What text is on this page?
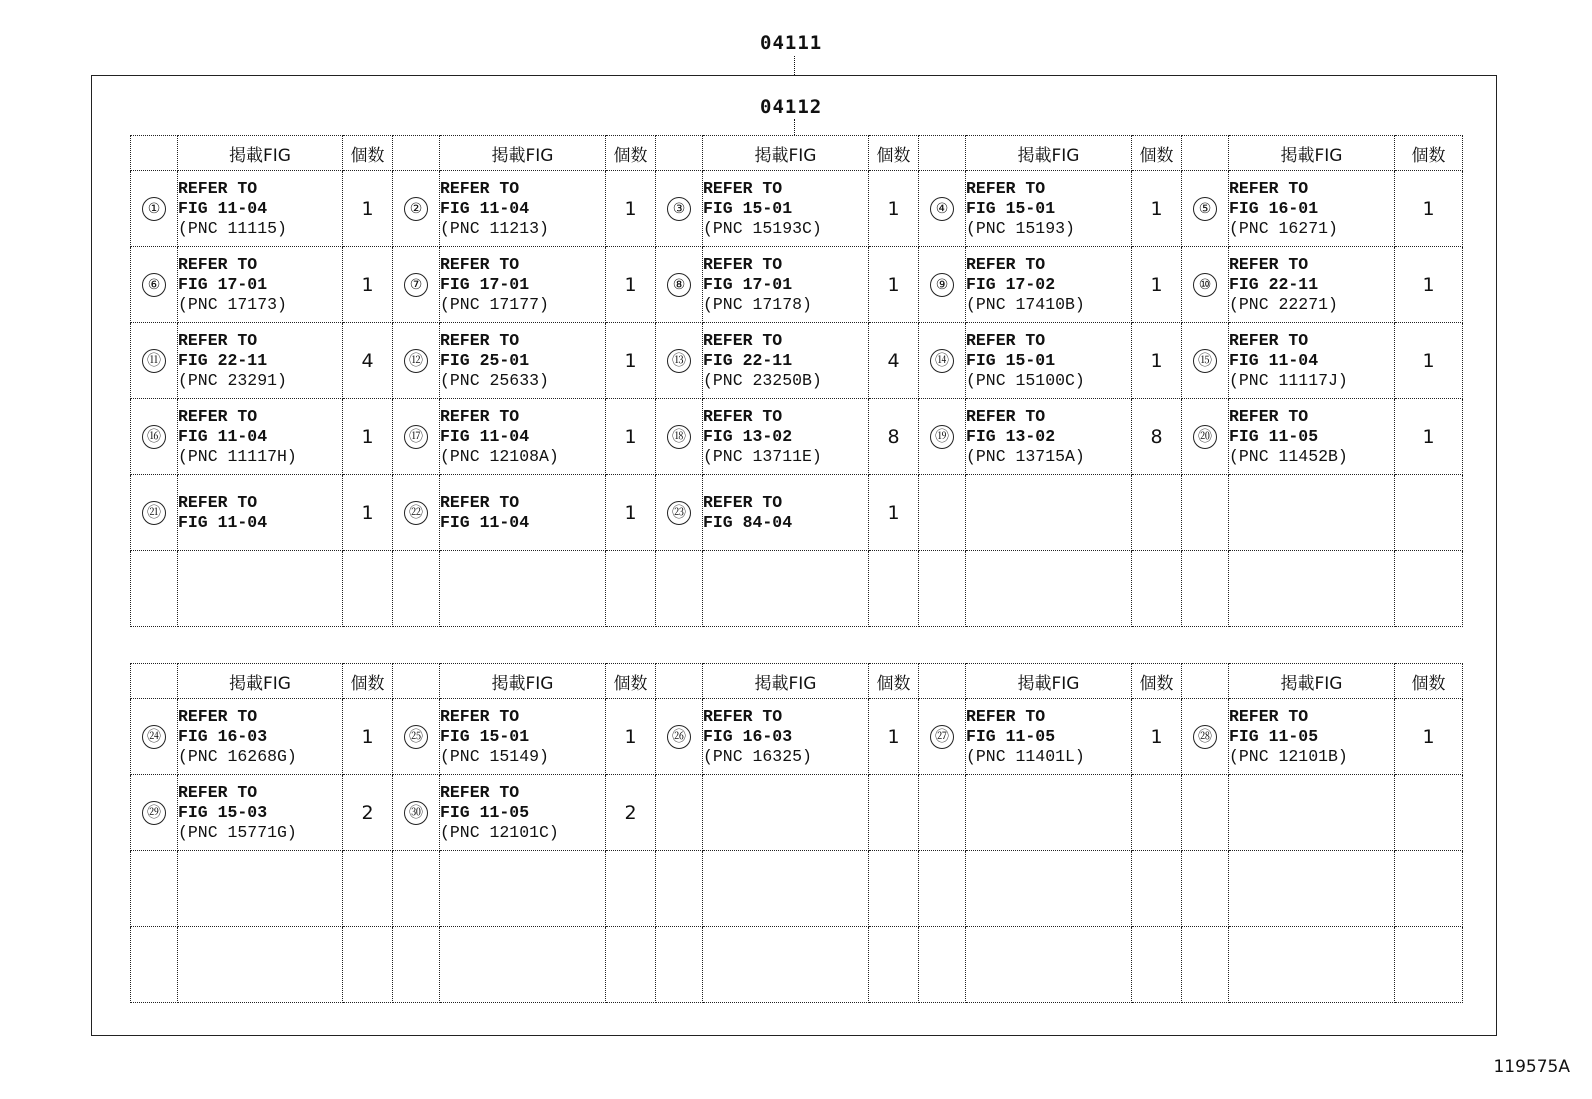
04111
04112
	掲載FIG	個数		掲載FIG	個数		掲載FIG	個数		掲載FIG	個数		掲載FIG	個数
①	REFER TO
FIG 11-04
(PNC 11115)	1	②	REFER TO
FIG 11-04
(PNC 11213)	1	③	REFER TO
FIG 15-01
(PNC 15193C)	1	④	REFER TO
FIG 15-01
(PNC 15193)	1	⑤	REFER TO
FIG 16-01
(PNC 16271)	1
⑥	REFER TO
FIG 17-01
(PNC 17173)	1	⑦	REFER TO
FIG 17-01
(PNC 17177)	1	⑧	REFER TO
FIG 17-01
(PNC 17178)	1	⑨	REFER TO
FIG 17-02
(PNC 17410B)	1	⑩	REFER TO
FIG 22-11
(PNC 22271)	1
⑪	REFER TO
FIG 22-11
(PNC 23291)	4	⑫	REFER TO
FIG 25-01
(PNC 25633)	1	⑬	REFER TO
FIG 22-11
(PNC 23250B)	4	⑭	REFER TO
FIG 15-01
(PNC 15100C)	1	⑮	REFER TO
FIG 11-04
(PNC 11117J)	1
⑯	REFER TO
FIG 11-04
(PNC 11117H)	1	⑰	REFER TO
FIG 11-04
(PNC 12108A)	1	⑱	REFER TO
FIG 13-02
(PNC 13711E)	8	⑲	REFER TO
FIG 13-02
(PNC 13715A)	8	⑳	REFER TO
FIG 11-05
(PNC 11452B)	1
㉑	REFER TO
FIG 11-04	1	㉒	REFER TO
FIG 11-04	1	㉓	REFER TO
FIG 84-04	1						

	掲載FIG	個数		掲載FIG	個数		掲載FIG	個数		掲載FIG	個数		掲載FIG	個数
㉔	REFER TO
FIG 16-03
(PNC 16268G)	1	㉕	REFER TO
FIG 15-01
(PNC 15149)	1	㉖	REFER TO
FIG 16-03
(PNC 16325)	1	㉗	REFER TO
FIG 11-05
(PNC 11401L)	1	㉘	REFER TO
FIG 11-05
(PNC 12101B)	1
㉙	REFER TO
FIG 15-03
(PNC 15771G)	2	㉚	REFER TO
FIG 11-05
(PNC 12101C)	2									

119575A
